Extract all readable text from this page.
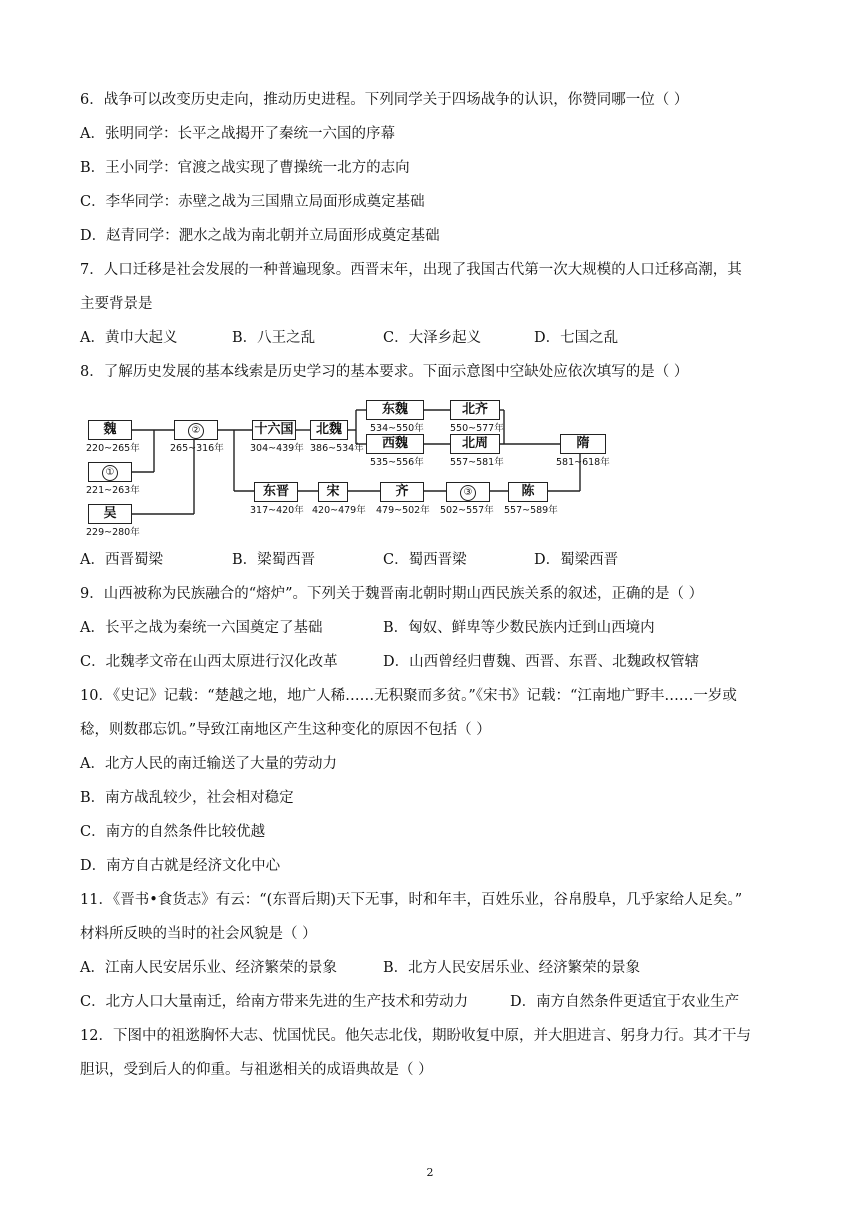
6．战争可以改变历史走向，推动历史进程。下列同学关于四场战争的认识，你赞同哪一位（ ）
A．张明同学：长平之战揭开了秦统一六国的序幕
B．王小同学：官渡之战实现了曹操统一北方的志向
C．李华同学：赤壁之战为三国鼎立局面形成奠定基础
D．赵青同学：淝水之战为南北朝并立局面形成奠定基础
7．人口迁移是社会发展的一种普遍现象。西晋末年，出现了我国古代第一次大规模的人口迁移高潮，其
主要背景是
A．黄巾大起义	B．八王之乱	C．大泽乡起义	D．七国之乱
8．了解历史发展的基本线索是历史学习的基本要求。下面示意图中空缺处应依次填写的是（ ）
魏
220~265年
①
221~263年
吴
229~280年
②
265~316年
十六国
304~439年
北魏
386~534年
东魏
534~550年
北齐
550~577年
西魏
535~556年
北周
557~581年
隋
581~618年
东晋
317~420年
宋
420~479年
齐
479~502年
③
502~557年
陈
557~589年
A．西晋蜀梁	B．梁蜀西晋	C．蜀西晋梁	D．蜀梁西晋
9．山西被称为民族融合的“熔炉”。下列关于魏晋南北朝时期山西民族关系的叙述，正确的是（ ）
A．长平之战为秦统一六国奠定了基础	B．匈奴、鲜卑等少数民族内迁到山西境内
C．北魏孝文帝在山西太原进行汉化改革	D．山西曾经归曹魏、西晋、东晋、北魏政权管辖
10．《史记》记载：“楚越之地，地广人稀……无积聚而多贫。”《宋书》记载：“江南地广野丰……一岁或
稔，则数郡忘饥。”导致江南地区产生这种变化的原因不包括（ ）
A．北方人民的南迁输送了大量的劳动力
B．南方战乱较少，社会相对稳定
C．南方的自然条件比较优越
D．南方自古就是经济文化中心
11．《晋书•食货志》有云：“(东晋后期)天下无事，时和年丰，百姓乐业，谷帛殷阜，几乎家给人足矣。”
材料所反映的当时的社会风貌是（ ）
A．江南人民安居乐业、经济繁荣的景象	B．北方人民安居乐业、经济繁荣的景象
C．北方人口大量南迁，给南方带来先进的生产技术和劳动力	D．南方自然条件更适宜于农业生产
12．下图中的祖逖胸怀大志、忧国忧民。他矢志北伐，期盼收复中原，并大胆进言、躬身力行。其才干与
胆识，受到后人的仰重。与祖逖相关的成语典故是（ ）
2
